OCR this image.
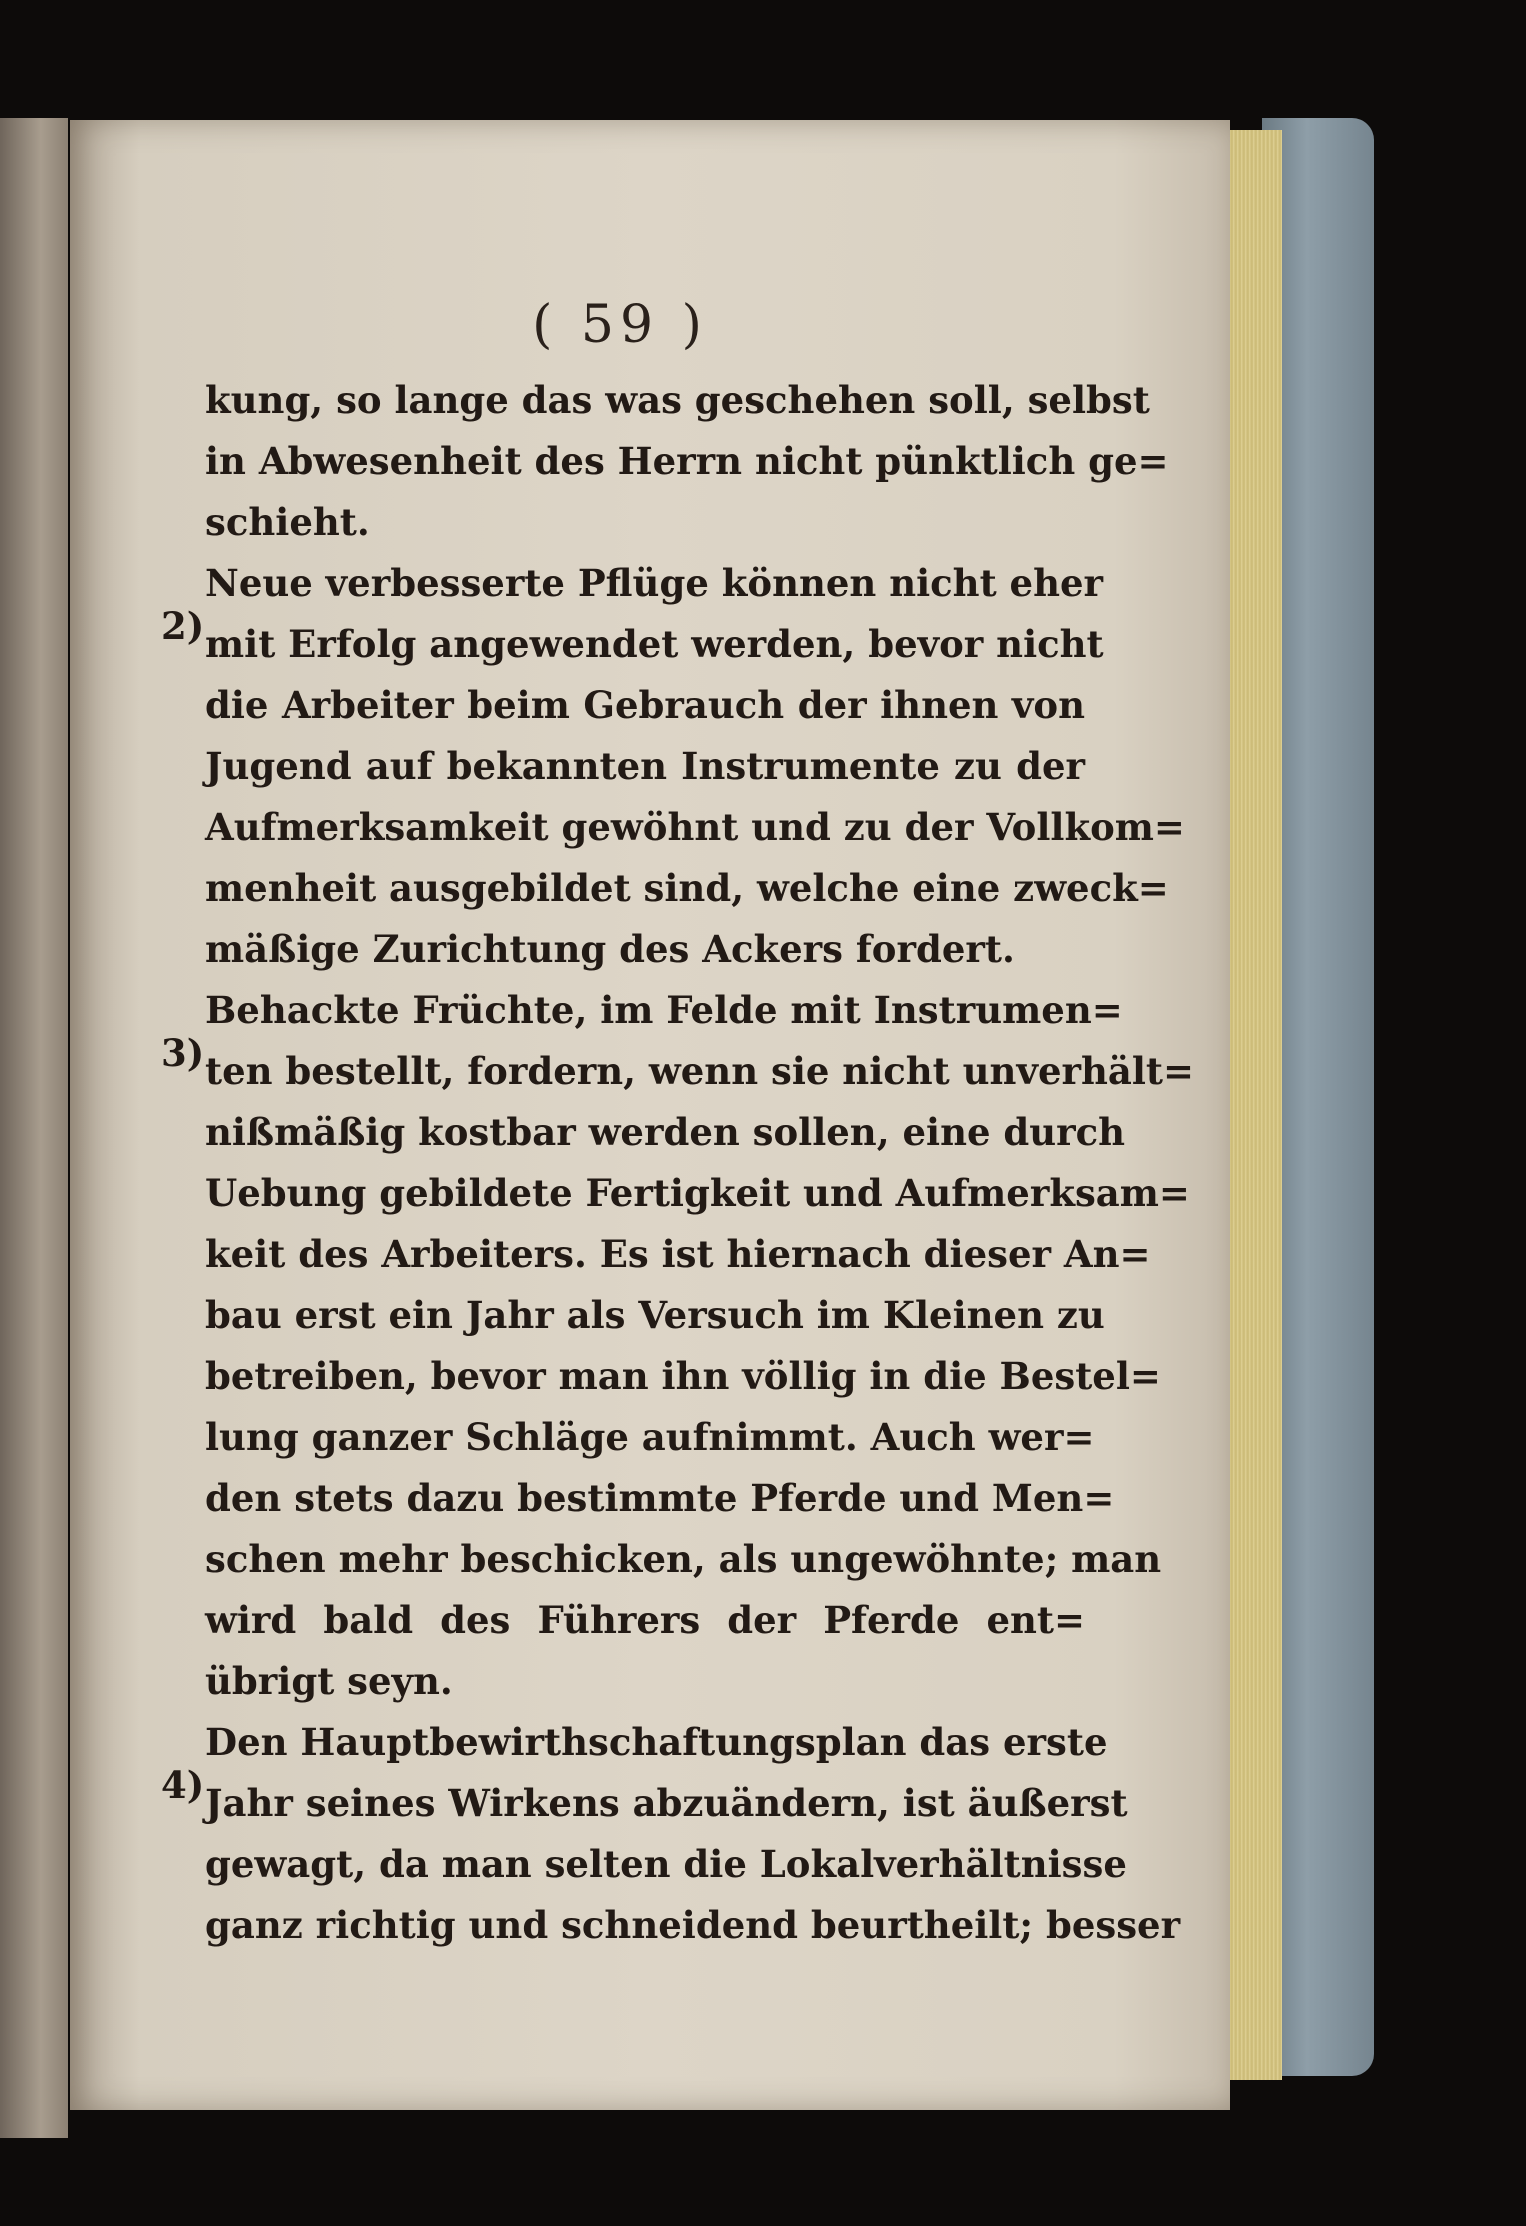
( 59 )
kung, so lange das was geschehen soll, selbst
in Abwesenheit des Herrn nicht pünktlich ge=
schieht.
2)
Neue verbesserte Pflüge können nicht eher
mit Erfolg angewendet werden, bevor nicht
die Arbeiter beim Gebrauch der ihnen von
Jugend auf bekannten Instrumente zu der
Aufmerksamkeit gewöhnt und zu der Vollkom=
menheit ausgebildet sind, welche eine zweck=
mäßige Zurichtung des Ackers fordert.
3)
Behackte Früchte, im Felde mit Instrumen=
ten bestellt, fordern, wenn sie nicht unverhält=
nißmäßig kostbar werden sollen, eine durch
Uebung gebildete Fertigkeit und Aufmerksam=
keit des Arbeiters. Es ist hiernach dieser An=
bau erst ein Jahr als Versuch im Kleinen zu
betreiben, bevor man ihn völlig in die Bestel=
lung ganzer Schläge aufnimmt. Auch wer=
den stets dazu bestimmte Pferde und Men=
schen mehr beschicken, als ungewöhnte; man
wird bald des Führers der Pferde ent=
übrigt seyn.
4)
Den Hauptbewirthschaftungsplan das erste
Jahr seines Wirkens abzuändern, ist äußerst
gewagt, da man selten die Lokalverhältnisse
ganz richtig und schneidend beurtheilt; besser
